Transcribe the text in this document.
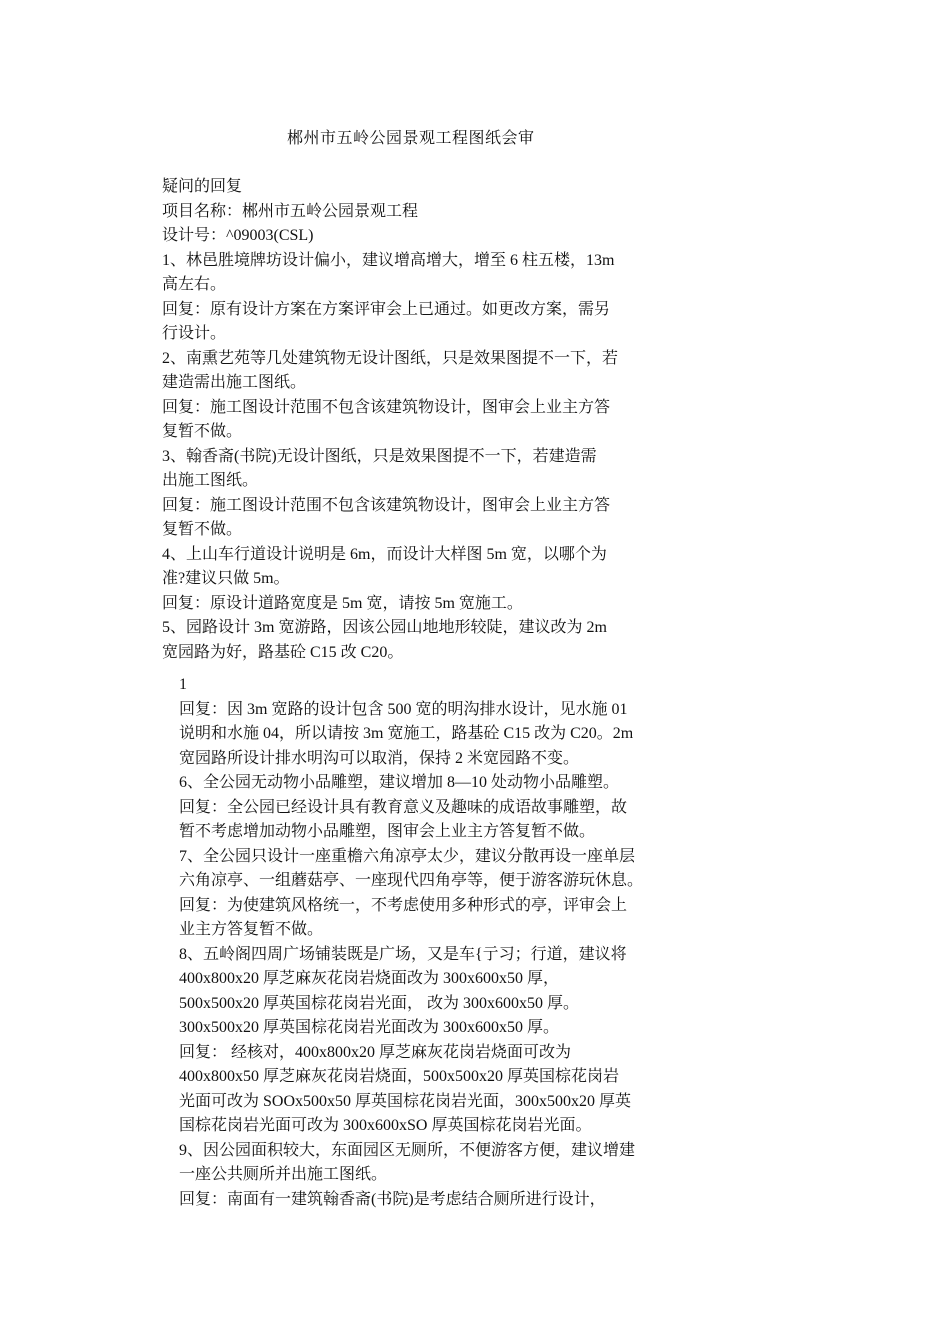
郴州市五岭公园景观工程图纸会审
疑问的回复
项目名称：郴州市五岭公园景观工程
设计号：^09003(CSL)
1、林邑胜境牌坊设计偏小，建议增高增大，增至 6 柱五楼，13m
高左右。
回复：原有设计方案在方案评审会上已通过。如更改方案，需另
行设计。
2、南熏艺苑等几处建筑物无设计图纸，只是效果图提不一下，若
建造需出施工图纸。
回复：施工图设计范围不包含该建筑物设计，图审会上业主方答
复暂不做。
3、翰香斋(书院)无设计图纸，只是效果图提不一下，若建造需
出施工图纸。
回复：施工图设计范围不包含该建筑物设计，图审会上业主方答
复暂不做。
4、上山车行道设计说明是 6m，而设计大样图 5m 宽，以哪个为
准?建议只做 5m。
回复：原设计道路宽度是 5m 宽，请按 5m 宽施工。
5、园路设计 3m 宽游路，因该公园山地地形较陡，建议改为 2m
宽园路为好，路基砼 C15 改 C20。
1
回复：因 3m 宽路的设计包含 500 宽的明沟排水设计，见水施 01
说明和水施 04，所以请按 3m 宽施工，路基砼 C15 改为 C20。2m
宽园路所设计排水明沟可以取消，保持 2 米宽园路不变。
6、全公园无动物小品雕塑，建议增加 8—10 处动物小品雕塑。
回复：全公园已经设计具有教育意义及趣味的成语故事雕塑，故
暂不考虑增加动物小品雕塑，图审会上业主方答复暂不做。
7、全公园只设计一座重檐六角凉亭太少，建议分散再设一座单层
六角凉亭、一组蘑菇亭、一座现代四角亭等，便于游客游玩休息。
回复：为使建筑风格统一，不考虑使用多种形式的亭，评审会上
业主方答复暂不做。
8、五岭阁四周广场铺装既是广场，又是车{亍习；行道，建议将
400x800x20 厚芝麻灰花岗岩烧面改为 300x600x50 厚，
500x500x20 厚英国棕花岗岩光面， 改为 300x600x50 厚。
300x500x20 厚英国棕花岗岩光面改为 300x600x50 厚。
回复： 经核对，400x800x20 厚芝麻灰花岗岩烧面可改为
400x800x50 厚芝麻灰花岗岩烧面，500x500x20 厚英国棕花岗岩
光面可改为 SOOx500x50 厚英国棕花岗岩光面，300x500x20 厚英
国棕花岗岩光面可改为 300x600xSO 厚英国棕花岗岩光面。
9、因公园面积较大，东面园区无厕所，不便游客方便，建议增建
一座公共厕所并出施工图纸。
回复：南面有一建筑翰香斋(书院)是考虑结合厕所进行设计，
